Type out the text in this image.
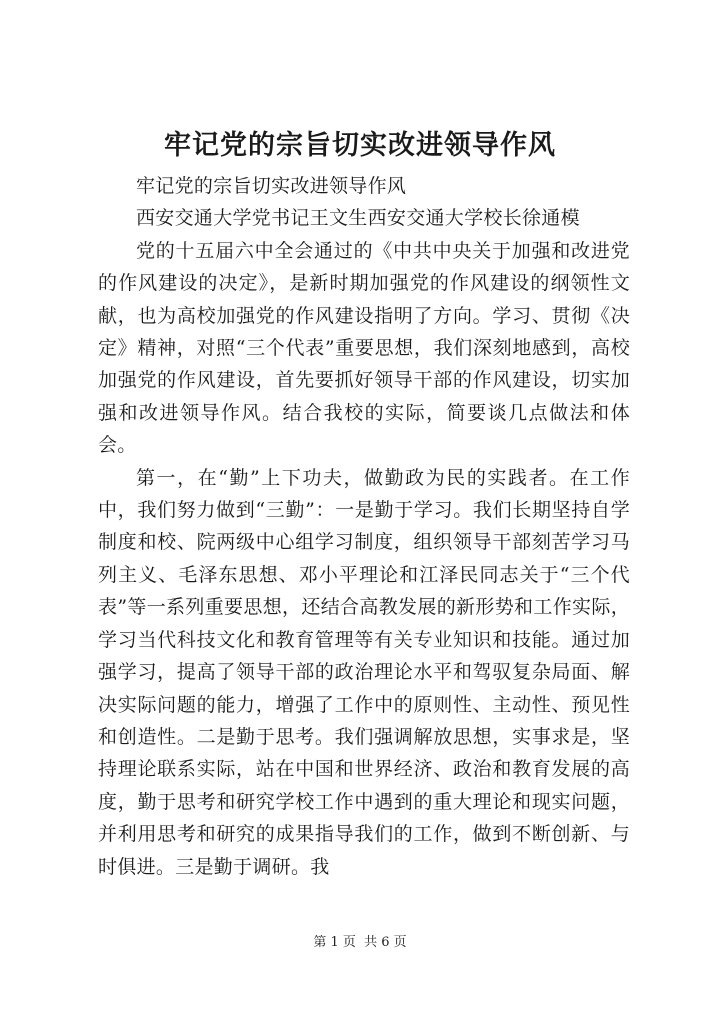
牢记党的宗旨切实改进领导作风

牢记党的宗旨切实改进领导作风

西安交通大学党书记王文生西安交通大学校长徐通模

党的十五届六中全会通过的《中共中央关于加强和改进党的作风建设的决定》，是新时期加强党的作风建设的纲领性文献，也为高校加强党的作风建设指明了方向。学习、贯彻《决定》精神，对照“三个代表”重要思想，我们深刻地感到，高校加强党的作风建设，首先要抓好领导干部的作风建设，切实加强和改进领导作风。结合我校的实际，简要谈几点做法和体会。

第一，在“勤”上下功夫，做勤政为民的实践者。在工作中，我们努力做到“三勤”：一是勤于学习。我们长期坚持自学制度和校、院两级中心组学习制度，组织领导干部刻苦学习马列主义、毛泽东思想、邓小平理论和江泽民同志关于“三个代表”等一系列重要思想，还结合高教发展的新形势和工作实际，学习当代科技文化和教育管理等有关专业知识和技能。通过加强学习，提高了领导干部的政治理论水平和驾驭复杂局面、解决实际问题的能力，增强了工作中的原则性、主动性、预见性和创造性。二是勤于思考。我们强调解放思想，实事求是，坚持理论联系实际，站在中国和世界经济、政治和教育发展的高度，勤于思考和研究学校工作中遇到的重大理论和现实问题，并利用思考和研究的成果指导我们的工作，做到不断创新、与时俱进。三是勤于调研。我

第 1 页  共 6 页
